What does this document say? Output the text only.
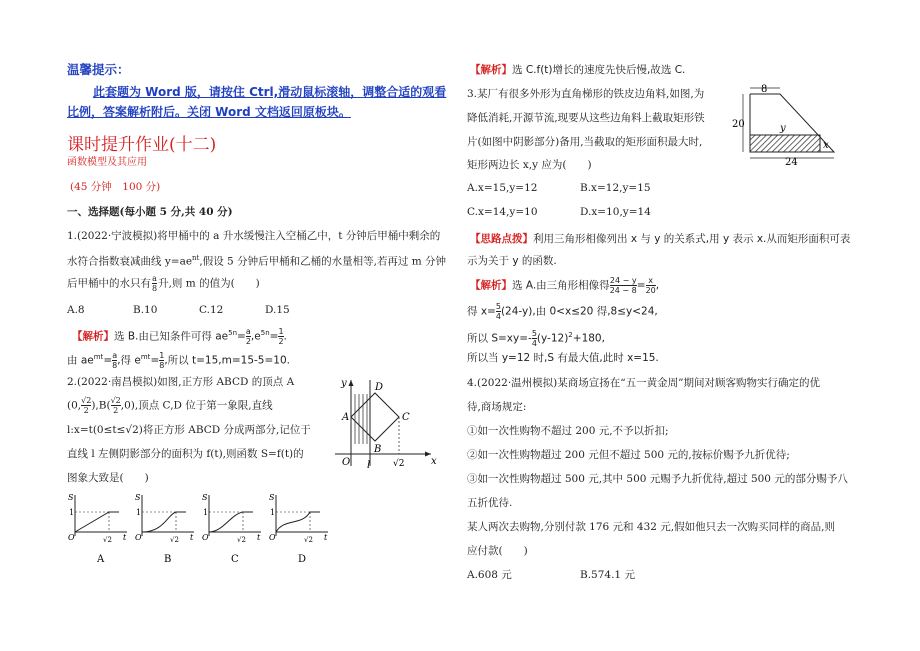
温馨提示：
此套题为 Word 版，请按住 Ctrl,滑动鼠标滚轴，调整合适的观看
比例，答案解析附后。关闭 Word 文档返回原板块。
课时提升作业(十二)
函数模型及其应用
(45 分钟　100 分)
一、选择题(每小题 5 分,共 40 分)
1.(2022·宁波模拟)将甲桶中的 a 升水缓慢注入空桶乙中，t 分钟后甲桶中剩余的
水符合指数衰减曲线 $y=ae^{nt}$,假设 5 分钟后甲桶和乙桶的水量相等,若再过 m 分钟
后甲桶中的水只有 $\frac{a}{8}$ 升,则 m 的值为(　　)
A.8	B.10	C.12	D.15
【解析】选 B.由已知条件可得 $ae^{5n}= \frac{a}{2} ,e^{5n}= \frac{1}{2}$ .
由 $ae^{mt}= \frac{a}{8}$ ,得 $e^{mt}= \frac{1}{8}$ ,所以 t=15,m=15-5=10.
2.(2022·南昌模拟)如图,正方形 ABCD 的顶点 A
(0, $\frac{√2}{2} ),B( \frac{√2}{2} ,0)$,顶点 C,D 位于第一象限,直线
l:x=t(0≤t≤√2)将正方形 ABCD 分成两部分,记位于
直线 l 左侧阴影部分的面积为 f(t),则函数 S=f(t)的
图象大致是(　　)
y
x
A
D
C
B
O l	√2
S
1
O	√2 t
A
S
1
O	√2 t
B
S
1
O	√2 t
C
S
1
O	√2 t
D
【解析】选 C.f(t)增长的速度先快后慢,故选 C.
3.某厂有很多外形为直角梯形的铁皮边角料,如图,为
降低消耗,开源节流,现要从这些边角料上截取矩形铁
片(如图中阴影部分)备用,当截取的矩形面积最大时,
矩形两边长 x,y 应为(　　)
8
20
24
y
x
A.x=15,y=12	B.x=12,y=15
C.x=14,y=10	D.x=10,y=14
【思路点拨】利用三角形相像列出 x 与 y 的关系式,用 y 表示 x.从而矩形面积可表
示为关于 y 的函数.
【解析】选 A.由三角形相像得 $\frac{24 - y}{24 - 8} = \frac{x}{20}$ ,
得 $x= \frac{5}{4} (24-y)$,由 0<x≤20 得,8≤y<24,
所以 $S=xy=- \frac{5}{4} (y-12)^2+180$,
所以当 y=12 时,S 有最大值,此时 x=15.
4.(2022·温州模拟)某商场宣扬在“五一黄金周”期间对顾客购物实行确定的优
待,商场规定:
①如一次性购物不超过 200 元,不予以折扣;
②如一次性购物超过 200 元但不超过 500 元的,按标价赐予九折优待;
③如一次性购物超过 500 元,其中 500 元赐予九折优待,超过 500 元的部分赐予八
五折优待.
某人两次去购物,分别付款 176 元和 432 元,假如他只去一次购买同样的商品,则
应付款(　　)
A.608 元	B.574.1 元
